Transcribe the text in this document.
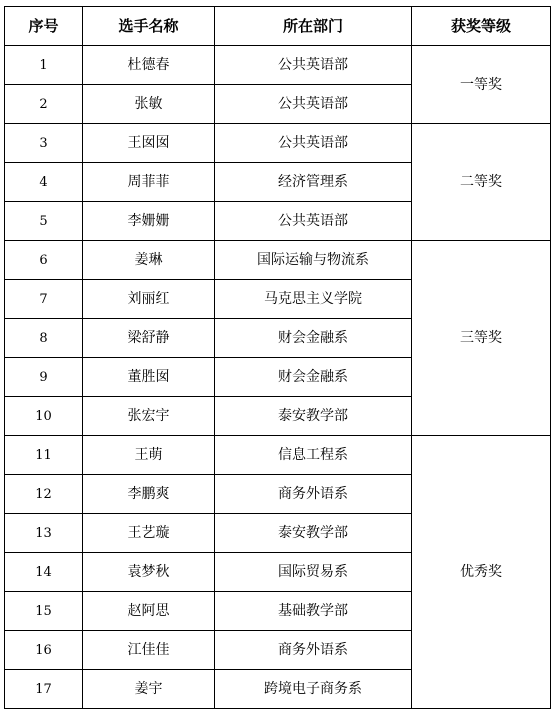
序号	选手名称	所在部门	获奖等级
1	杜德春	公共英语部	一等奖
2	张敏	公共英语部	
3	王囡囡	公共英语部	二等奖
4	周菲菲	经济管理系	
5	李姗姗	公共英语部	
6	姜琳	国际运输与物流系	三等奖
7	刘丽红	马克思主义学院	
8	梁舒静	财会金融系	
9	董胜囡	财会金融系	
10	张宏宇	泰安教学部	
11	王萌	信息工程系	优秀奖
12	李鹏爽	商务外语系	
13	王艺璇	泰安教学部	
14	袁梦秋	国际贸易系	
15	赵阿思	基础教学部	
16	江佳佳	商务外语系	
17	姜宇	跨境电子商务系	
